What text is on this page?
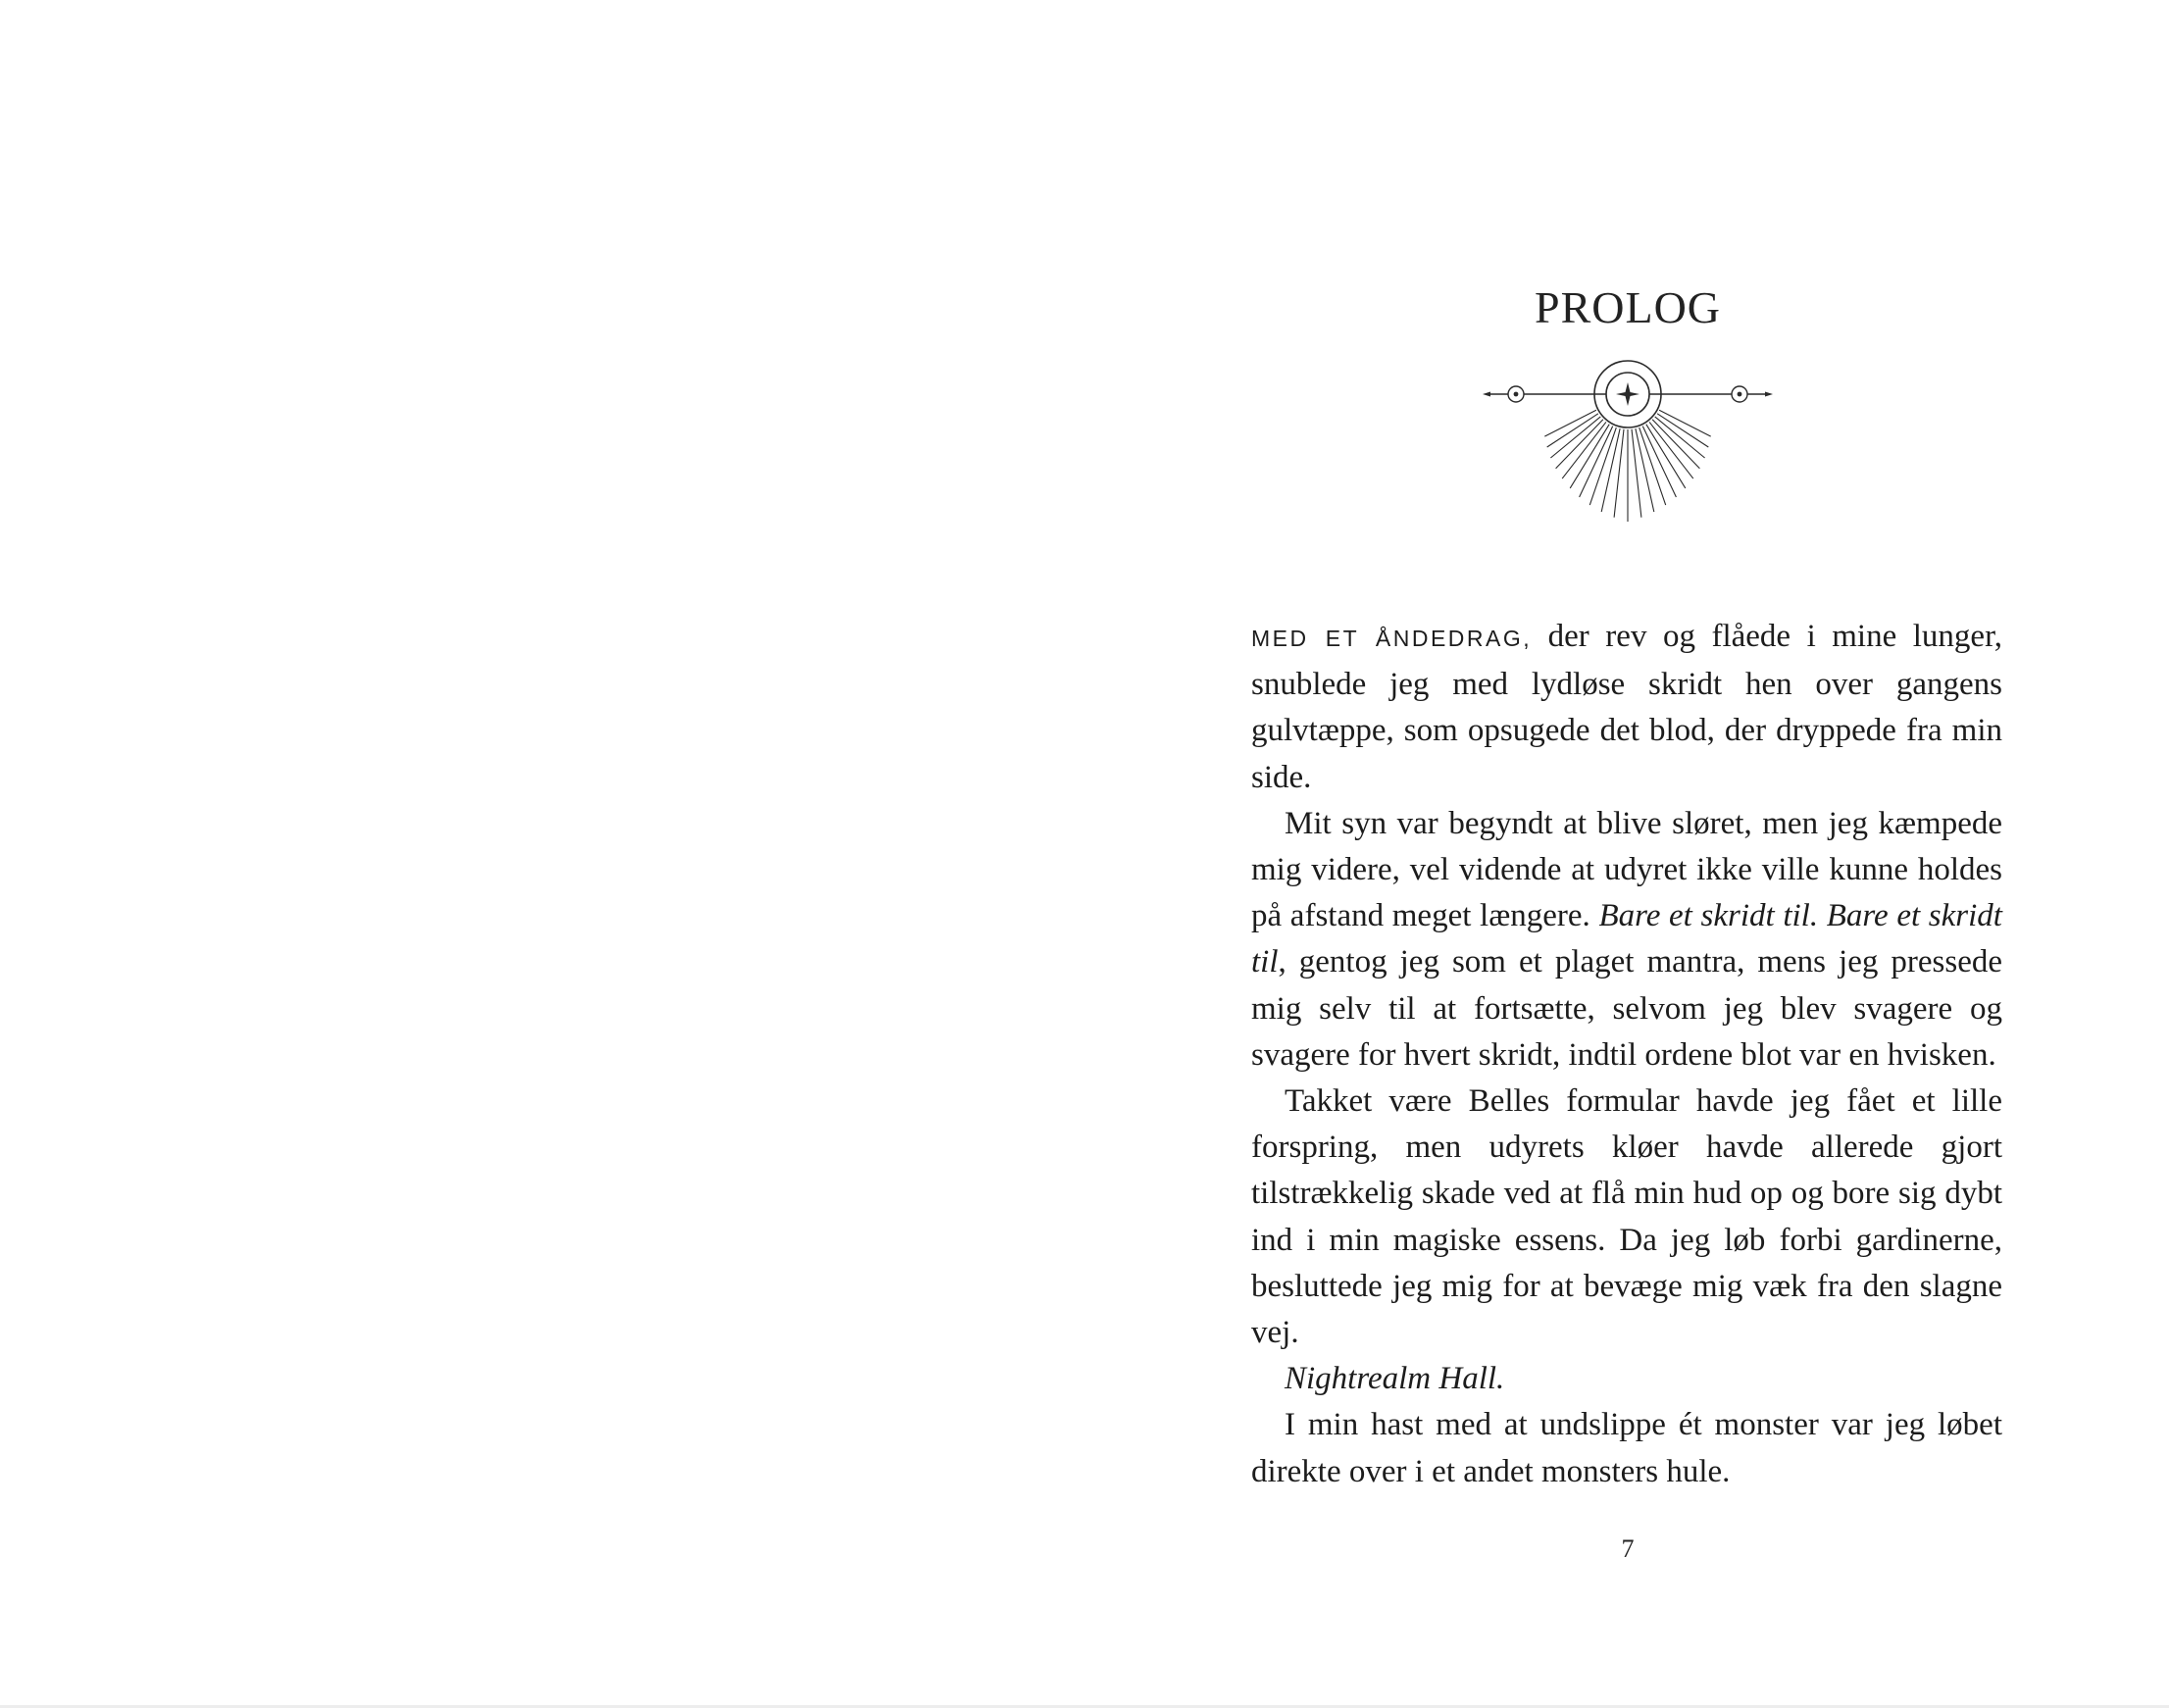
PROLOG

MED ET ÅNDEDRAG, der rev og flåede i mine lunger, snublede jeg med lydløse skridt hen over gangens gulvtæppe, som opsugede det blod, der dryppede fra min side.

Mit syn var begyndt at blive sløret, men jeg kæmpede mig videre, vel vidende at udyret ikke ville kunne holdes på afstand meget længere. Bare et skridt til. Bare et skridt til, gentog jeg som et plaget mantra, mens jeg pressede mig selv til at fortsætte, selvom jeg blev svagere og svagere for hvert skridt, indtil ordene blot var en hvisken.

Takket være Belles formular havde jeg fået et lille forspring, men udyrets kløer havde allerede gjort tilstrækkelig skade ved at flå min hud op og bore sig dybt ind i min magiske essens. Da jeg løb forbi gardinerne, besluttede jeg mig for at bevæge mig væk fra den slagne vej.

Nightrealm Hall.

I min hast med at undslippe ét monster var jeg løbet direkte over i et andet monsters hule.

7
